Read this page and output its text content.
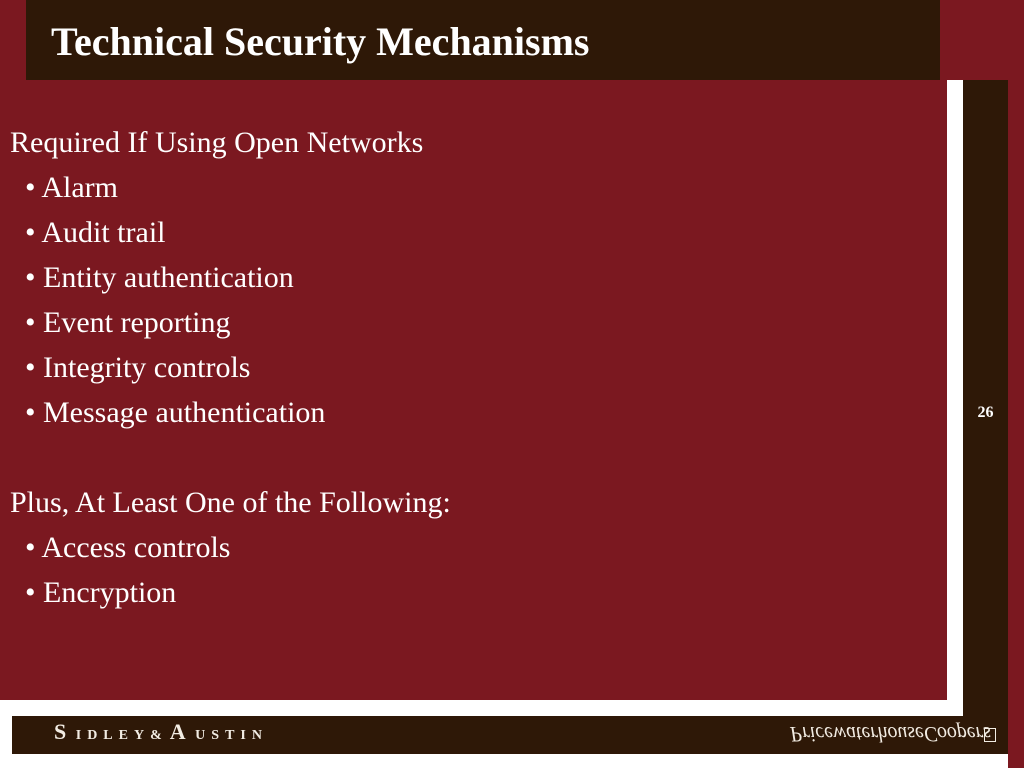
Technical Security Mechanisms
26
Required If Using Open Networks
• Alarm
• Audit trail
• Entity authentication
• Event reporting
• Integrity controls
• Message authentication
Plus, At Least One of the Following:
• Access controls
• Encryption
S IDLEY& A USTIN	PricewaterhouseCoopers
